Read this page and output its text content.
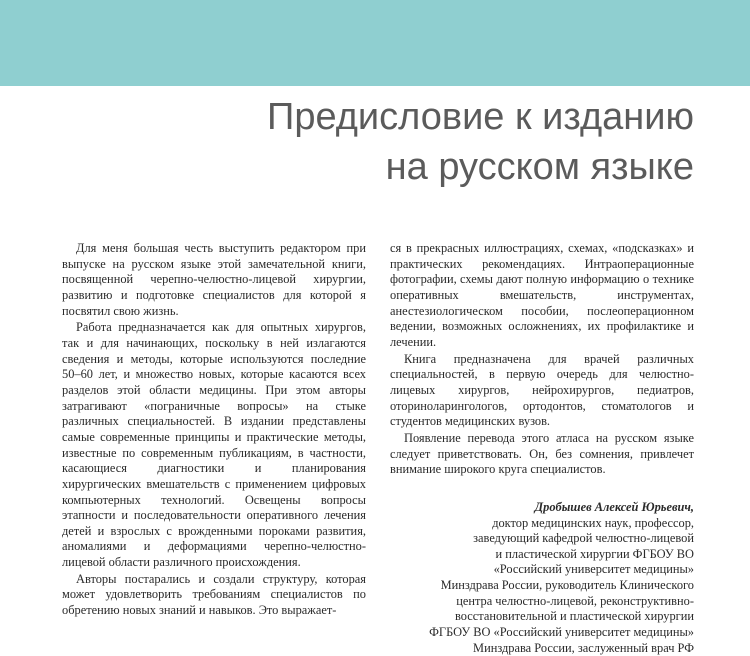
Предисловие к изданию
на русском языке

Для меня большая честь выступить редактором при выпуске на русском языке этой замечательной книги, посвященной черепно-челюстно-лицевой хирургии, развитию и подготовке специалистов для которой я посвятил свою жизнь.

Работа предназначается как для опытных хирургов, так и для начинающих, поскольку в ней излагаются сведения и методы, которые используются последние 50–60 лет, и множество новых, которые касаются всех разделов этой области медицины. При этом авторы затрагивают «пограничные вопросы» на стыке различных специальностей. В издании представлены самые современные принципы и практические методы, известные по современным публикациям, в частности, касающиеся диагностики и планирования хирургических вмешательств с применением цифровых компьютерных технологий. Освещены вопросы этапности и последовательности оперативного лечения детей и взрослых с врожденными пороками развития, аномалиями и деформациями черепно-челюстно-лицевой области различного происхождения.

Авторы постарались и создали структуру, которая может удовлетворить требованиям специалистов по обретению новых знаний и навыков. Это выражает-

ся в прекрасных иллюстрациях, схемах, «подсказках» и практических рекомендациях. Интраоперационные фотографии, схемы дают полную информацию о технике оперативных вмешательств, инструментах, анестезиологическом пособии, послеоперационном ведении, возможных осложнениях, их профилактике и лечении.

Книга предназначена для врачей различных специальностей, в первую очередь для челюстно-лицевых хирургов, нейрохирургов, педиатров, оториноларингологов, ортодонтов, стоматологов и студентов медицинских вузов.

Появление перевода этого атласа на русском языке следует приветствовать. Он, без сомнения, привлечет внимание широкого круга специалистов.

Дробышев Алексей Юрьевич,
доктор медицинских наук, профессор,
заведующий кафедрой челюстно-лицевой
и пластической хирургии ФГБОУ ВО
«Российский университет медицины»
Минздрава России, руководитель Клинического
центра челюстно-лицевой, реконструктивно-
восстановительной и пластической хирургии
ФГБОУ ВО «Российский университет медицины»
Минздрава России, заслуженный врач РФ
